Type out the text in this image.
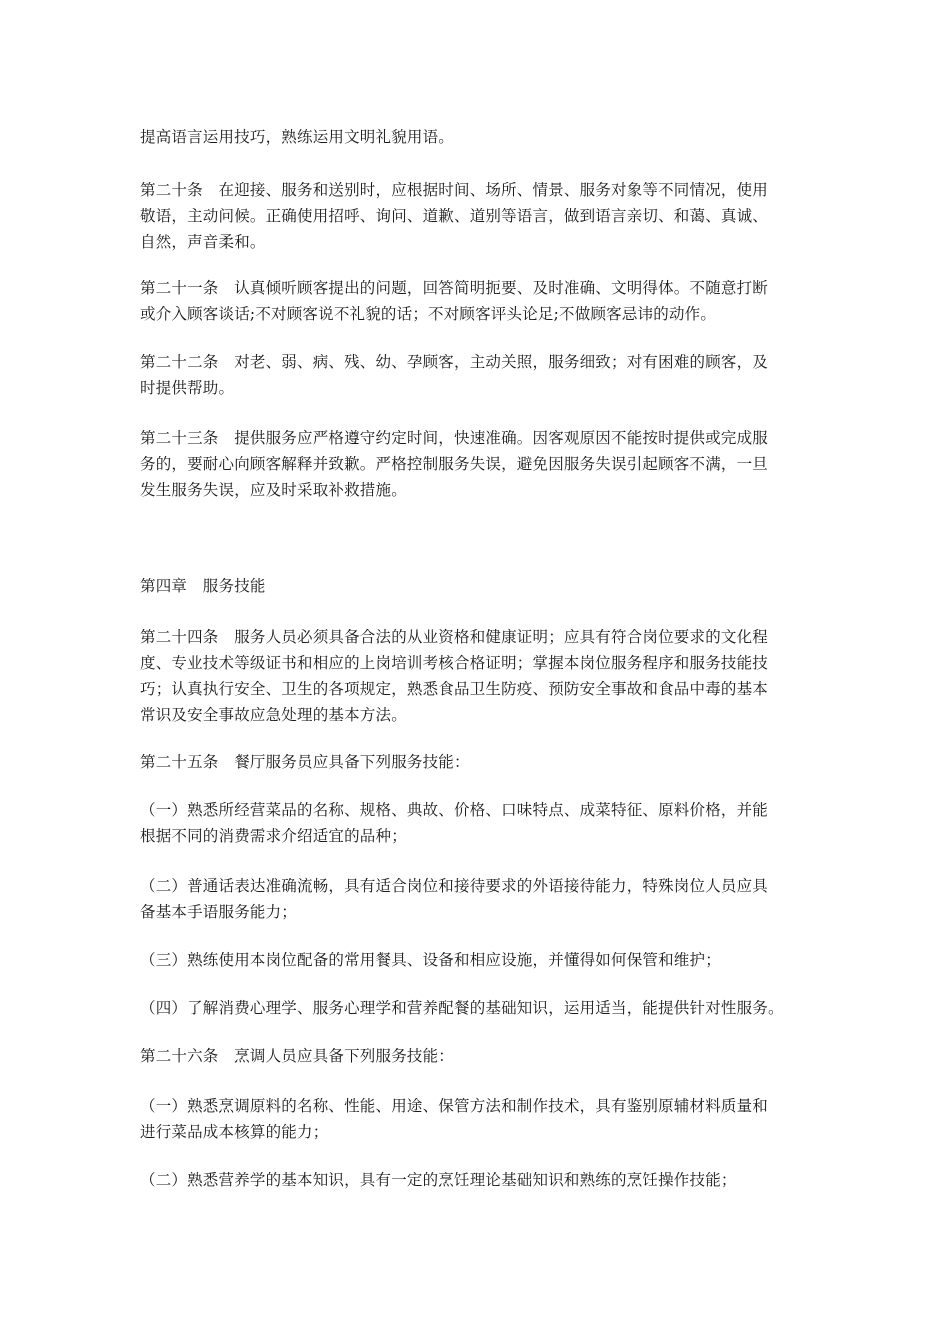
提高语言运用技巧，熟练运用文明礼貌用语。
第二十条　在迎接、服务和送别时，应根据时间、场所、情景、服务对象等不同情况，使用
敬语，主动问候。正确使用招呼、询问、道歉、道别等语言，做到语言亲切、和蔼、真诚、
自然，声音柔和。
第二十一条　认真倾听顾客提出的问题，回答简明扼要、及时准确、文明得体。不随意打断
或介入顾客谈话;不对顾客说不礼貌的话；不对顾客评头论足;不做顾客忌讳的动作。
第二十二条　对老、弱、病、残、幼、孕顾客，主动关照，服务细致；对有困难的顾客，及
时提供帮助。
第二十三条　提供服务应严格遵守约定时间，快速准确。因客观原因不能按时提供或完成服
务的，要耐心向顾客解释并致歉。严格控制服务失误，避免因服务失误引起顾客不满，一旦
发生服务失误，应及时采取补救措施。
第四章　服务技能
第二十四条　服务人员必须具备合法的从业资格和健康证明；应具有符合岗位要求的文化程
度、专业技术等级证书和相应的上岗培训考核合格证明；掌握本岗位服务程序和服务技能技
巧；认真执行安全、卫生的各项规定，熟悉食品卫生防疫、预防安全事故和食品中毒的基本
常识及安全事故应急处理的基本方法。
第二十五条　餐厅服务员应具备下列服务技能：
（一）熟悉所经营菜品的名称、规格、典故、价格、口味特点、成菜特征、原料价格，并能
根据不同的消费需求介绍适宜的品种；
（二）普通话表达准确流畅，具有适合岗位和接待要求的外语接待能力，特殊岗位人员应具
备基本手语服务能力；
（三）熟练使用本岗位配备的常用餐具、设备和相应设施，并懂得如何保管和维护；
（四）了解消费心理学、服务心理学和营养配餐的基础知识，运用适当，能提供针对性服务。
第二十六条　烹调人员应具备下列服务技能：
（一）熟悉烹调原料的名称、性能、用途、保管方法和制作技术，具有鉴别原辅材料质量和
进行菜品成本核算的能力；
（二）熟悉营养学的基本知识，具有一定的烹饪理论基础知识和熟练的烹饪操作技能；
